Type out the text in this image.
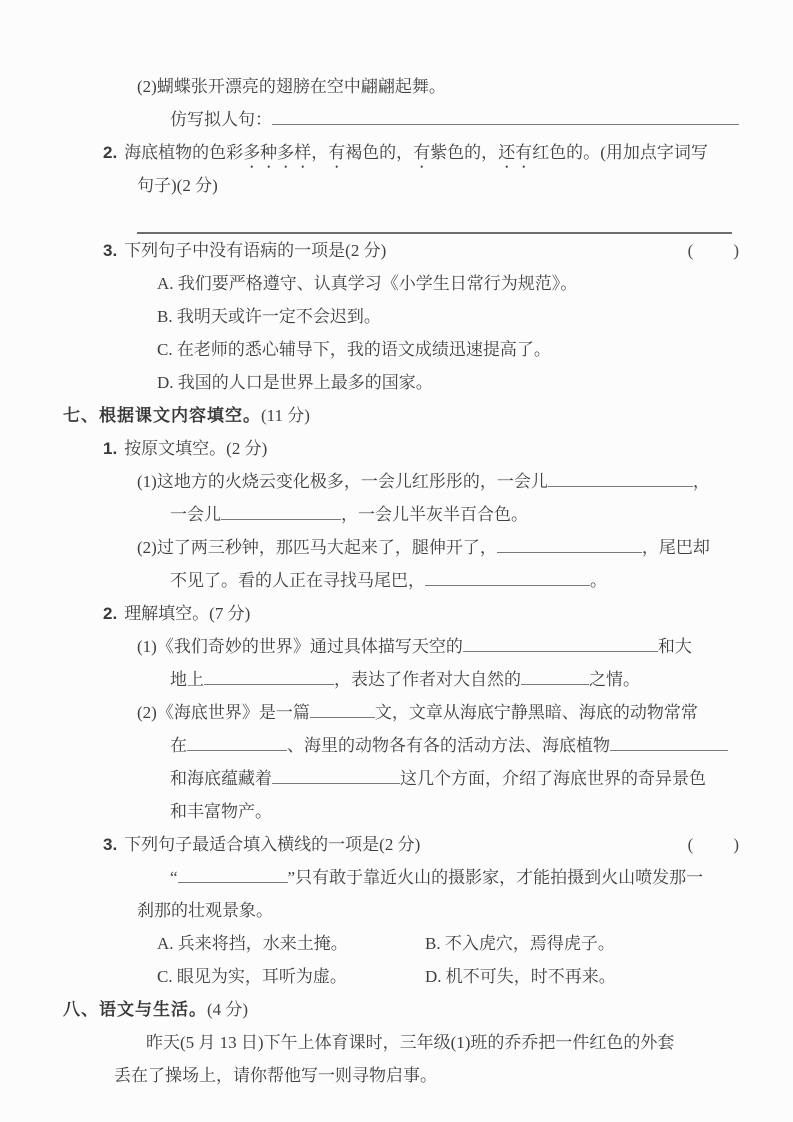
(2)蝴蝶张开漂亮的翅膀在空中翩翩起舞。
仿写拟人句：
2. 海底植物的色彩多种多样，有褐色的，有紫色的，还有红色的。(用加点字词写
句子)(2 分)
3. 下列句子中没有语病的一项是(2 分)	(　　)
A. 我们要严格遵守、认真学习《小学生日常行为规范》。
B. 我明天或许一定不会迟到。
C. 在老师的悉心辅导下，我的语文成绩迅速提高了。
D. 我国的人口是世界上最多的国家。
七、根据课文内容填空。(11 分)
1. 按原文填空。(2 分)
(1)这地方的火烧云变化极多，一会儿红彤彤的，一会儿	，
一会儿	，一会儿半灰半百合色。
(2)过了两三秒钟，那匹马大起来了，腿伸开了，	，尾巴却
不见了。看的人正在寻找马尾巴，	。
2. 理解填空。(7 分)
(1)《我们奇妙的世界》通过具体描写天空的	和大
地上	，表达了作者对大自然的	之情。
(2)《海底世界》是一篇	文，文章从海底宁静黑暗、海底的动物常常
在	、海里的动物各有各的活动方法、海底植物
和海底蕴藏着	这几个方面，介绍了海底世界的奇异景色
和丰富物产。
3. 下列句子最适合填入横线的一项是(2 分)	(　　)
“	”只有敢于靠近火山的摄影家，才能拍摄到火山喷发那一
刹那的壮观景象。
A. 兵来将挡，水来土掩。	B. 不入虎穴，焉得虎子。
C. 眼见为实，耳听为虚。	D. 机不可失，时不再来。
八、语文与生活。(4 分)
昨天(5 月 13 日)下午上体育课时，三年级(1)班的乔乔把一件红色的外套
丢在了操场上，请你帮他写一则寻物启事。
